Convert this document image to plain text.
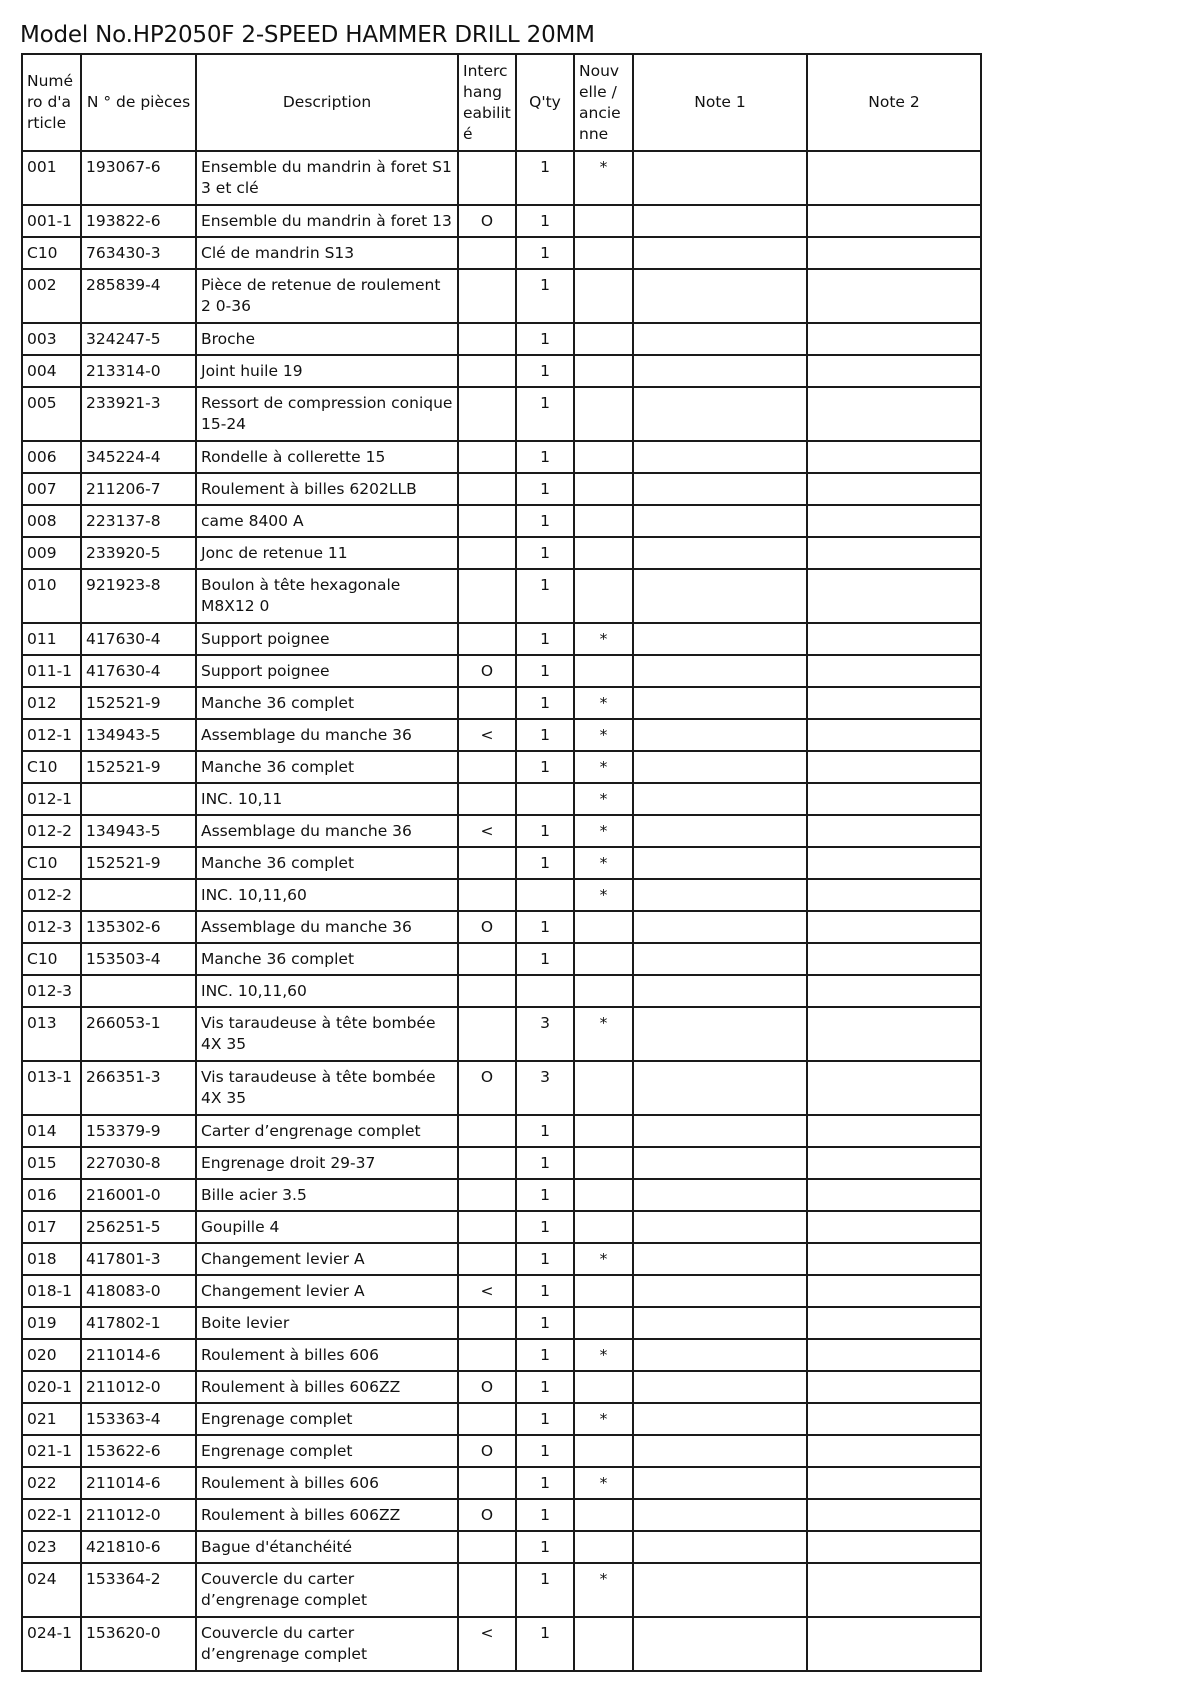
Model No.HP2050F 2-SPEED HAMMER DRILL 20MM
Numé ro d'a rticle	N ° de pièces	Description	Interc hang eabilit é	Q'ty	Nouv elle / ancie nne	Note 1	Note 2
001	193067-6	Ensemble du mandrin à foret S1 3 et clé		1	*		
001-1	193822-6	Ensemble du mandrin à foret 13	O	1			
C10	763430-3	Clé de mandrin S13		1			
002	285839-4	Pièce de retenue de roulement 2 0-36		1			
003	324247-5	Broche		1			
004	213314-0	Joint huile 19		1			
005	233921-3	Ressort de compression conique 15-24		1			
006	345224-4	Rondelle à collerette 15		1			
007	211206-7	Roulement à billes 6202LLB		1			
008	223137-8	came 8400 A		1			
009	233920-5	Jonc de retenue 11		1			
010	921923-8	Boulon à tête hexagonale M8X12 0		1			
011	417630-4	Support poignee		1	*		
011-1	417630-4	Support poignee	O	1			
012	152521-9	Manche 36 complet		1	*		
012-1	134943-5	Assemblage du manche 36	<	1	*		
C10	152521-9	Manche 36 complet		1	*		
012-1		INC. 10,11			*		
012-2	134943-5	Assemblage du manche 36	<	1	*		
C10	152521-9	Manche 36 complet		1	*		
012-2		INC. 10,11,60			*		
012-3	135302-6	Assemblage du manche 36	O	1			
C10	153503-4	Manche 36 complet		1			
012-3		INC. 10,11,60					
013	266053-1	Vis taraudeuse à tête bombée 4X 35		3	*		
013-1	266351-3	Vis taraudeuse à tête bombée 4X 35	O	3			
014	153379-9	Carter d’engrenage complet		1			
015	227030-8	Engrenage droit 29-37		1			
016	216001-0	Bille acier 3.5		1			
017	256251-5	Goupille 4		1			
018	417801-3	Changement levier A		1	*		
018-1	418083-0	Changement levier A	<	1			
019	417802-1	Boite levier		1			
020	211014-6	Roulement à billes 606		1	*		
020-1	211012-0	Roulement à billes 606ZZ	O	1			
021	153363-4	Engrenage complet		1	*		
021-1	153622-6	Engrenage complet	O	1			
022	211014-6	Roulement à billes 606		1	*		
022-1	211012-0	Roulement à billes 606ZZ	O	1			
023	421810-6	Bague d'étanchéité		1			
024	153364-2	Couvercle du carter d’engrenage complet		1	*		
024-1	153620-0	Couvercle du carter d’engrenage complet	<	1			
